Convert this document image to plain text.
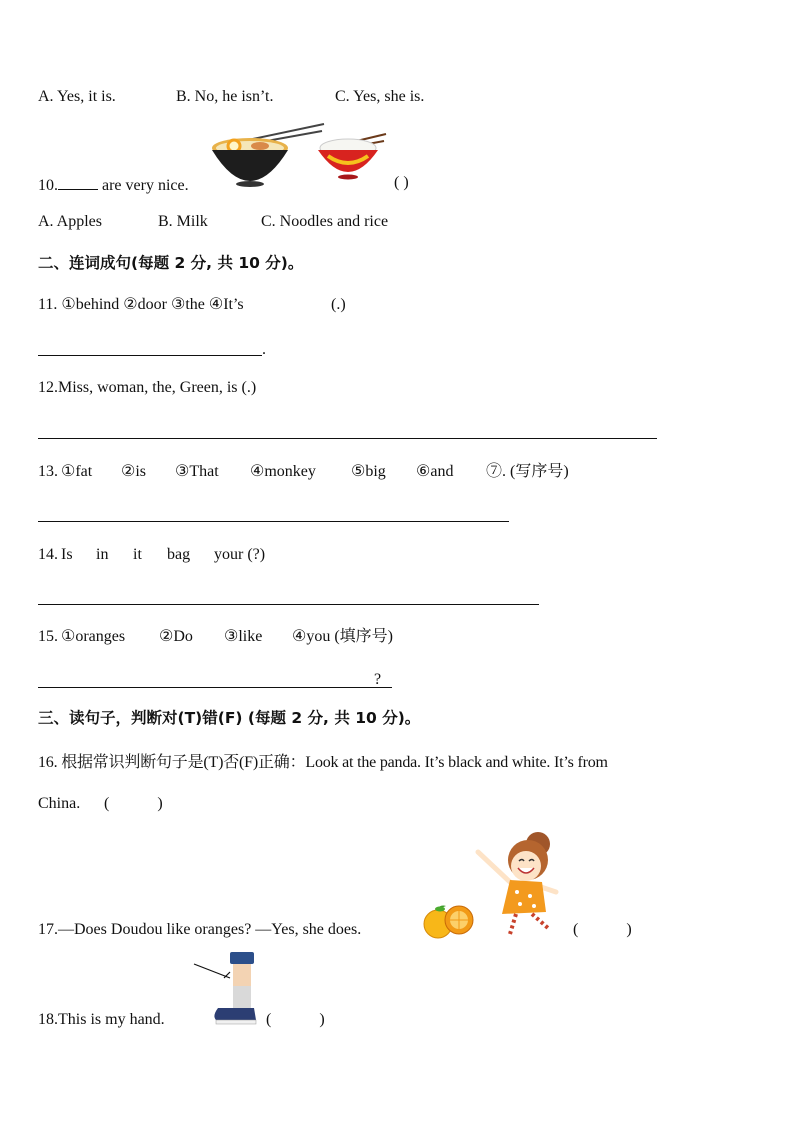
A. Yes, it is.	B. No, he isn’t.	C. Yes, she is.
10.	are very nice.	( )
A. Apples	B. Milk	C. Noodles and rice
二、连词成句(每题 2 分, 共 10 分)。
11. ①behind ②door ③the ④It’s	(.)
.
12.Miss, woman, the, Green, is (.)
13. ①fat ②is ③That ④monkey ⑤big ⑥and ⑦. (写序号)
14. Is in it bag your (?)
15. ①oranges ②Do ③like ④you (填序号)
?
三、读句子，判断对(T)错(F) (每题 2 分, 共 10 分)。
16. 根据常识判断句子是(T)否(F)正确：Look at the panda. It’s black and white. It’s from
China. (            )
17.—Does Doudou like oranges? —Yes, she does.	(            )
18.This is my hand.	(            )
